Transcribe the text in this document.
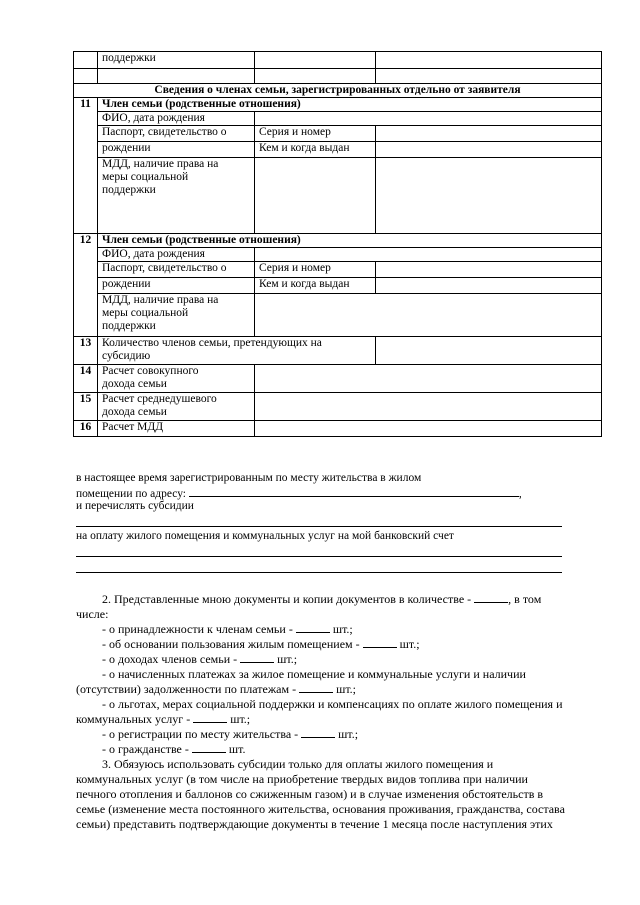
	поддержки		

Сведения о членах семьи, зарегистрированных отдельно от заявителя			
11	Член семьи (родственные отношения)		
	ФИО, дата рождения		
	Паспорт, свидетельство о	Серия и номер	
	рождении	Кем и когда выдан	

	МДД, наличие права на
меры социальной
поддержки		

12	Член семьи (родственные отношения)		
	ФИО, дата рождения		
	Паспорт, свидетельство о	Серия и номер	
	рождении	Кем и когда выдан	

	МДД, наличие права на
меры социальной
поддержки		

13	Количество членов семьи, претендующих на
субсидию		

14	Расчет совокупного
дохода семьи		

15	Расчет среднедушевого
дохода семьи		

16	Расчет МДД		
в настоящее время зарегистрированным по месту жительства в жилом
помещении по адресу:	,
и перечислять субсидии
на оплату жилого помещения и коммунальных услуг на мой банковский счет
2. Представленные мною документы и копии документов в количестве -	, в том
числе:
- о принадлежности к членам семьи -	шт.;
- об основании пользования жилым помещением -	шт.;
- о доходах членов семьи -	шт.;
- о начисленных платежах за жилое помещение и коммунальные услуги и наличии
(отсутствии) задолженности по платежам -	шт.;
- о льготах, мерах социальной поддержки и компенсациях по оплате жилого помещения и
коммунальных услуг -	шт.;
- о регистрации по месту жительства -	шт.;
- о гражданстве -	шт.
3. Обязуюсь использовать субсидии только для оплаты жилого помещения и
коммунальных услуг (в том числе на приобретение твердых видов топлива при наличии
печного отопления и баллонов со сжиженным газом) и в случае изменения обстоятельств в
семье (изменение места постоянного жительства, основания проживания, гражданства, состава
семьи) представить подтверждающие документы в течение 1 месяца после наступления этих
